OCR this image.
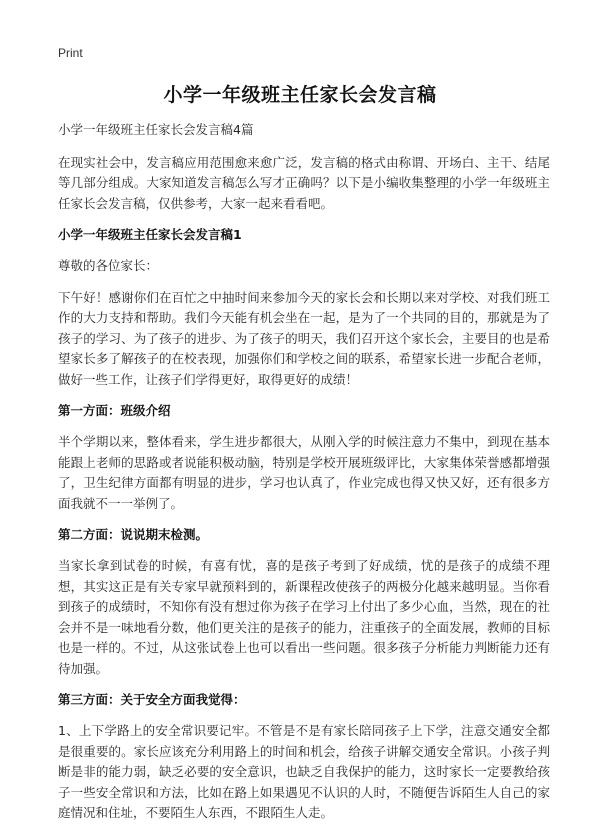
Print
小学一年级班主任家长会发言稿

小学一年级班主任家长会发言稿4篇

在现实社会中，发言稿应用范围愈来愈广泛，发言稿的格式由称谓、开场白、主干、结尾等几部分组成。大家知道发言稿怎么写才正确吗？以下是小编收集整理的小学一年级班主任家长会发言稿，仅供参考，大家一起来看看吧。

小学一年级班主任家长会发言稿1

尊敬的各位家长：

下午好！感谢你们在百忙之中抽时间来参加今天的家长会和长期以来对学校、对我们班工作的大力支持和帮助。我们今天能有机会坐在一起，是为了一个共同的目的，那就是为了孩子的学习、为了孩子的进步、为了孩子的明天，我们召开这个家长会，主要目的也是希望家长多了解孩子的在校表现，加强你们和学校之间的联系，希望家长进一步配合老师，做好一些工作，让孩子们学得更好，取得更好的成绩！

第一方面：班级介绍

半个学期以来，整体看来，学生进步都很大，从刚入学的时候注意力不集中，到现在基本能跟上老师的思路或者说能积极动脑，特别是学校开展班级评比，大家集体荣誉感都增强了，卫生纪律方面都有明显的进步，学习也认真了，作业完成也得又快又好，还有很多方面我就不一一举例了。

第二方面：说说期末检测。

当家长拿到试卷的时候，有喜有忧，喜的是孩子考到了好成绩，忧的是孩子的成绩不理想，其实这正是有关专家早就预料到的，新课程改使孩子的两极分化越来越明显。当你看到孩子的成绩时，不知你有没有想过你为孩子在学习上付出了多少心血，当然，现在的社会并不是一味地看分数，他们更关注的是孩子的能力，注重孩子的全面发展，教师的目标也是一样的。不过，从这张试卷上也可以看出一些问题。很多孩子分析能力判断能力还有待加强。

第三方面：关于安全方面我觉得：

1、上下学路上的安全常识要记牢。不管是不是有家长陪同孩子上下学，注意交通安全都是很重要的。家长应该充分利用路上的时间和机会，给孩子讲解交通安全常识。小孩子判断是非的能力弱，缺乏必要的安全意识，也缺乏自我保护的能力，这时家长一定要教给孩子一些安全常识和方法，比如在路上如果遇见不认识的人时，不随便告诉陌生人自己的家庭情况和住址，不要陌生人东西，不跟陌生人走。
